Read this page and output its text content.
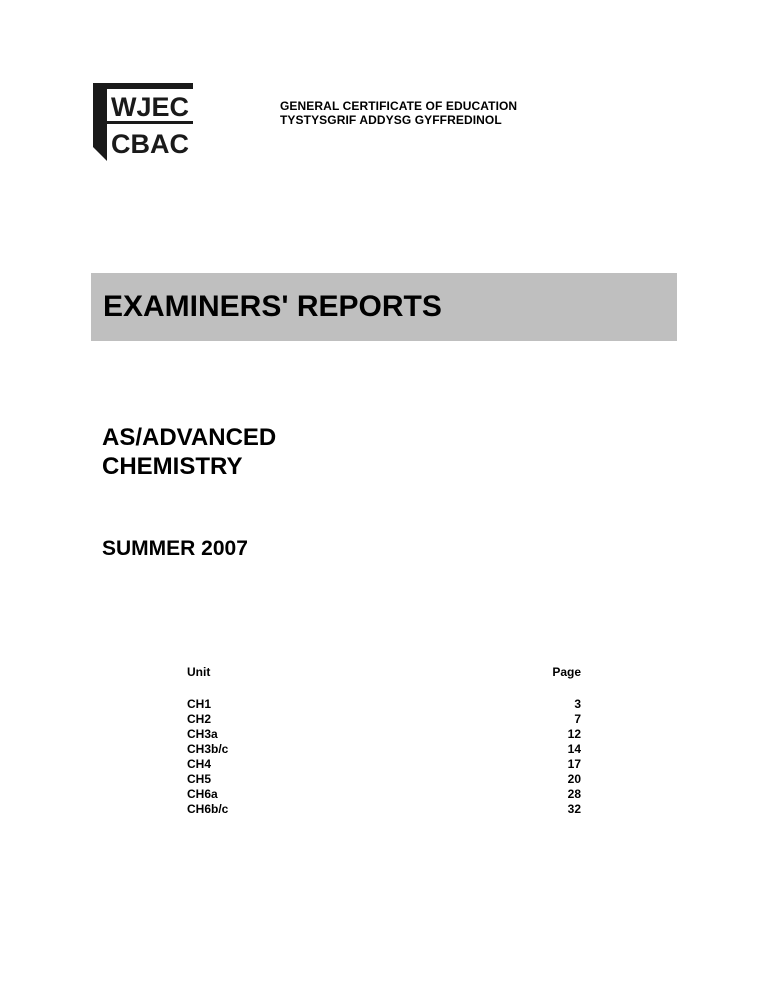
WJEC
CBAC
GENERAL CERTIFICATE OF EDUCATION
TYSTYSGRIF ADDYSG GYFFREDINOL
EXAMINERS' REPORTS
AS/ADVANCED
CHEMISTRY
SUMMER 2007
Unit	Page
CH1	3
CH2	7
CH3a	12
CH3b/c	14
CH4	17
CH5	20
CH6a	28
CH6b/c	32
